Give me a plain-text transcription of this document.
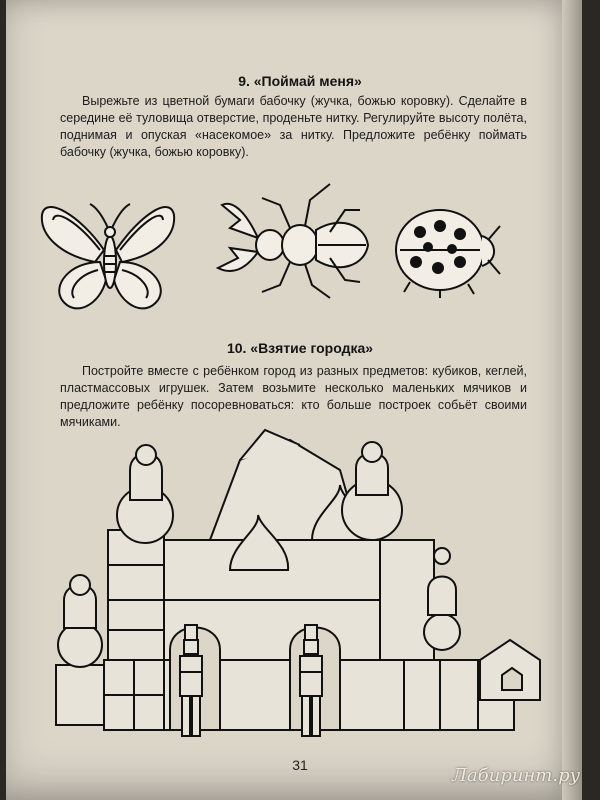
9. «Поймай меня»
Вырежьте из цветной бумаги бабочку (жучка, божью коровку). Сделайте в середине её туловища отверстие, проденьте нитку. Регулируйте высоту полёта, поднимая и опуская «насекомое» за нитку. Предложите ребёнку поймать бабочку (жучка, божью коровку).
10. «Взятие городка»
Постройте вместе с ребёнком город из разных предметов: кубиков, кеглей, пластмассовых игрушек. Затем возьмите несколько маленьких мячиков и предложите ребёнку посоревноваться: кто больше построек собьёт своими мячиками.
31	Лабиринт.ру
